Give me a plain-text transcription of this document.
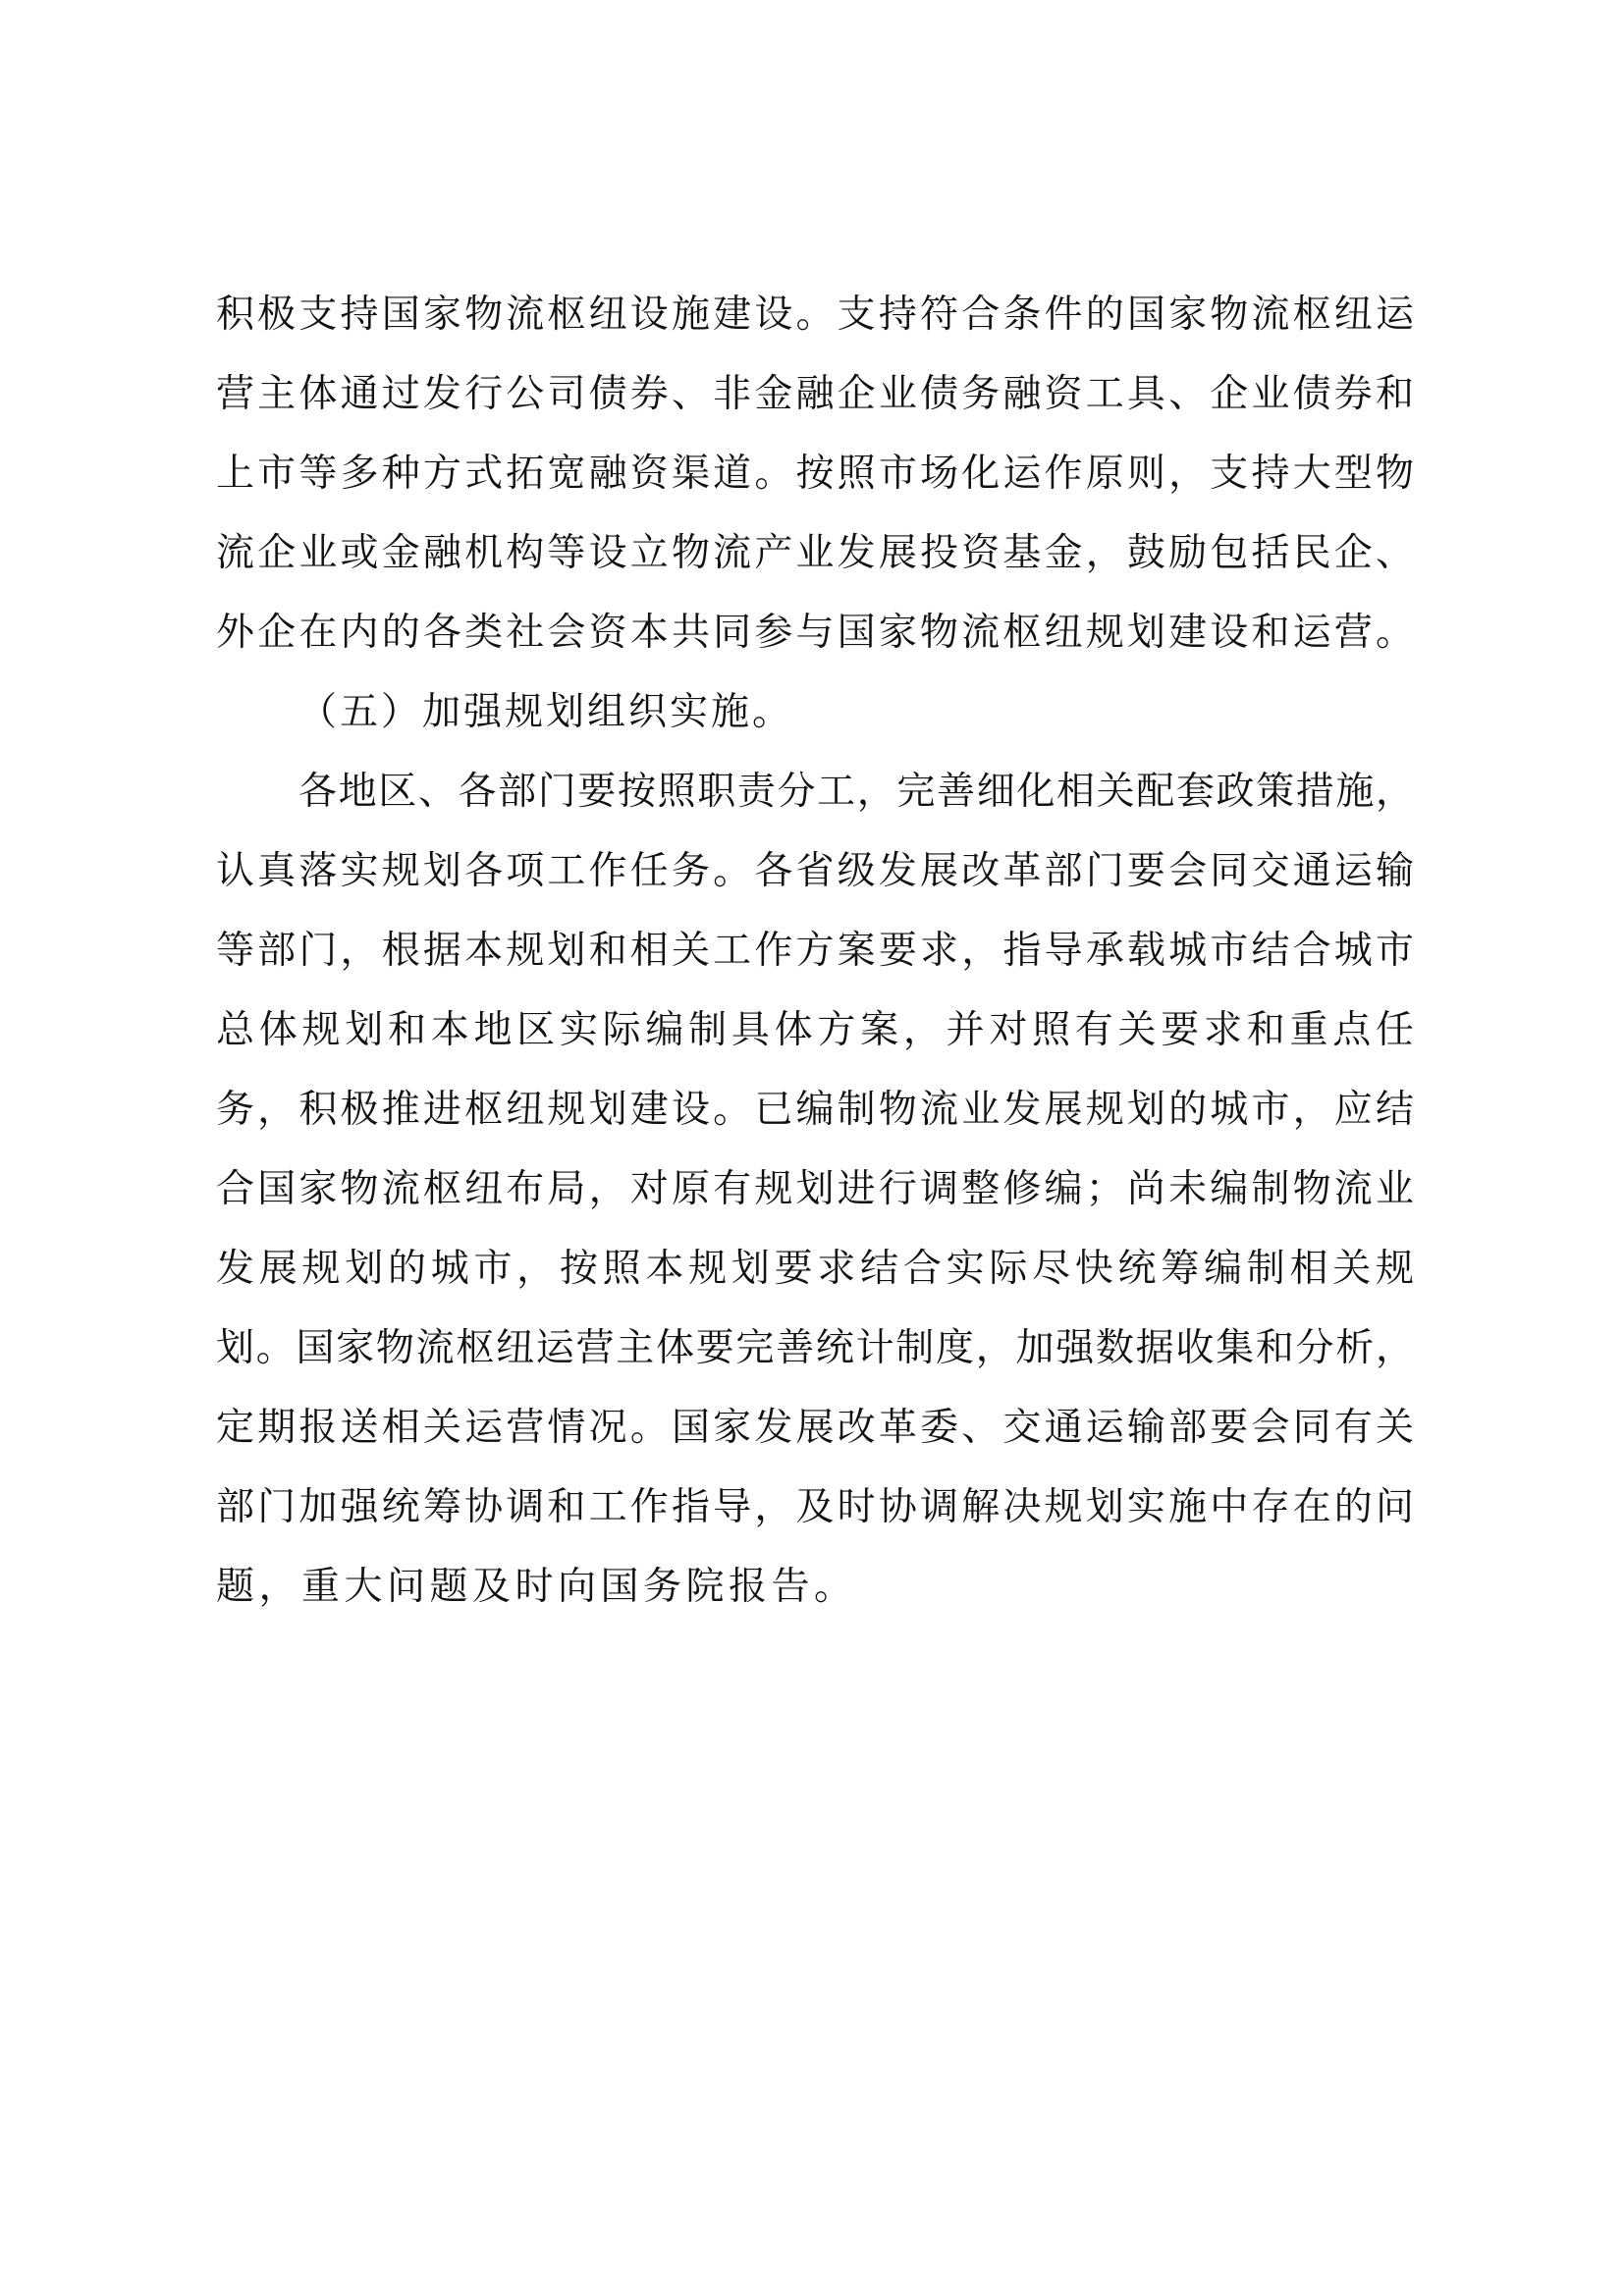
积极支持国家物流枢纽设施建设。支持符合条件的国家物流枢纽运
营主体通过发行公司债券、非金融企业债务融资工具、企业债券和
上市等多种方式拓宽融资渠道。按照市场化运作原则，支持大型物
流企业或金融机构等设立物流产业发展投资基金，鼓励包括民企、
外企在内的各类社会资本共同参与国家物流枢纽规划建设和运营。
（五）加强规划组织实施。
各地区、各部门要按照职责分工，完善细化相关配套政策措施，
认真落实规划各项工作任务。各省级发展改革部门要会同交通运输
等部门，根据本规划和相关工作方案要求，指导承载城市结合城市
总体规划和本地区实际编制具体方案，并对照有关要求和重点任
务，积极推进枢纽规划建设。已编制物流业发展规划的城市，应结
合国家物流枢纽布局，对原有规划进行调整修编；尚未编制物流业
发展规划的城市，按照本规划要求结合实际尽快统筹编制相关规
划。国家物流枢纽运营主体要完善统计制度，加强数据收集和分析，
定期报送相关运营情况。国家发展改革委、交通运输部要会同有关
部门加强统筹协调和工作指导，及时协调解决规划实施中存在的问
题，重大问题及时向国务院报告。
